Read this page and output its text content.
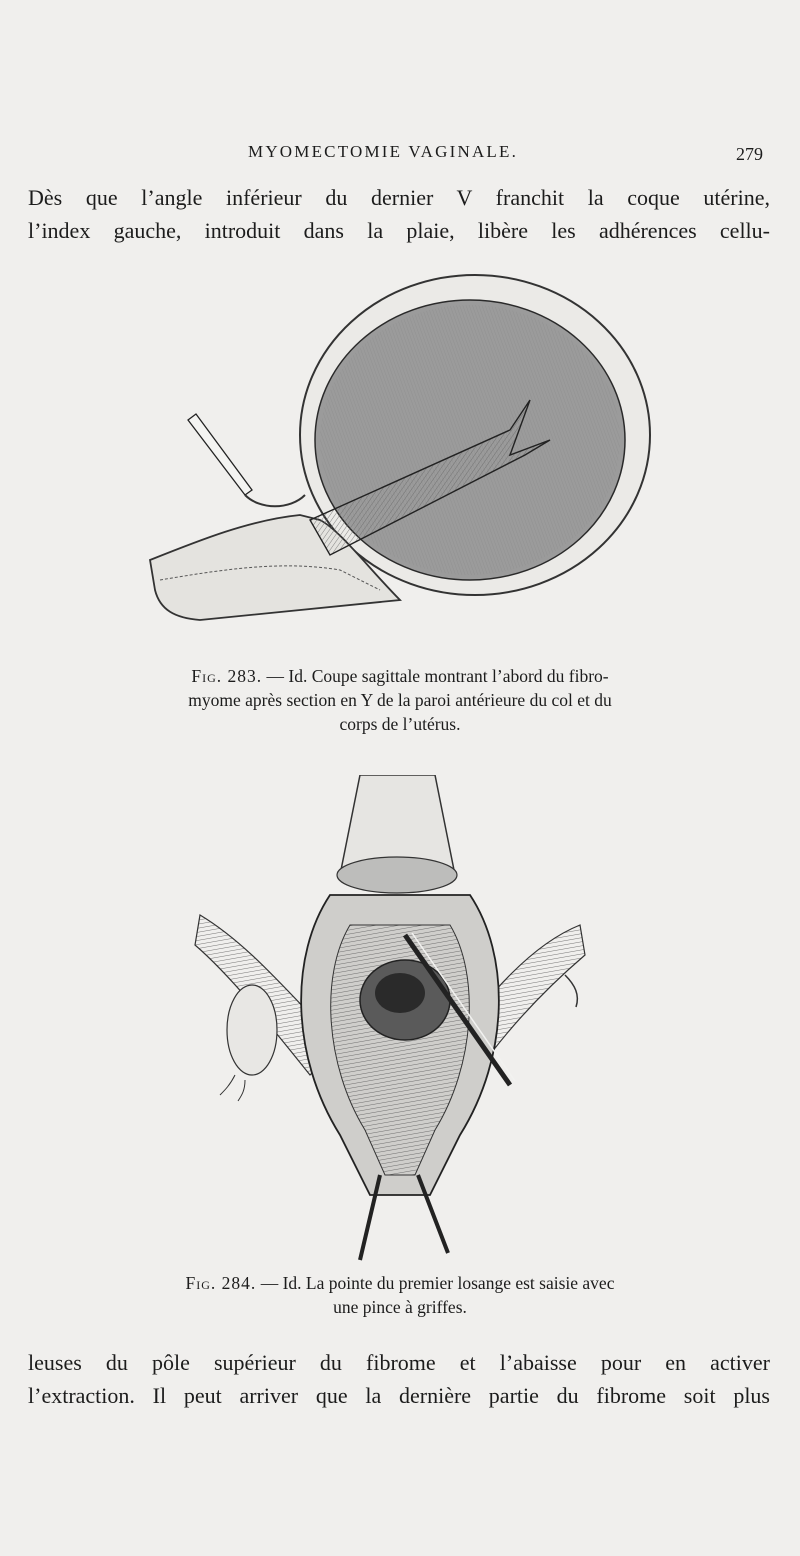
MYOMECTOMIE VAGINALE.	279

Dès que l’angle inférieur du dernier V franchit la coque utérine,

l’index gauche, introduit dans la plaie, libère les adhérences cellu-

Fig. 283. — Id. Coupe sagittale montrant l’abord du fibro-
myome après section en Y de la paroi antérieure du col et du
corps de l’utérus.
Fig. 284. — Id. La pointe du premier losange est saisie avec
une pince à griffes.

leuses du pôle supérieur du fibrome et l’abaisse pour en activer

l’extraction. Il peut arriver que la dernière partie du fibrome soit plus
